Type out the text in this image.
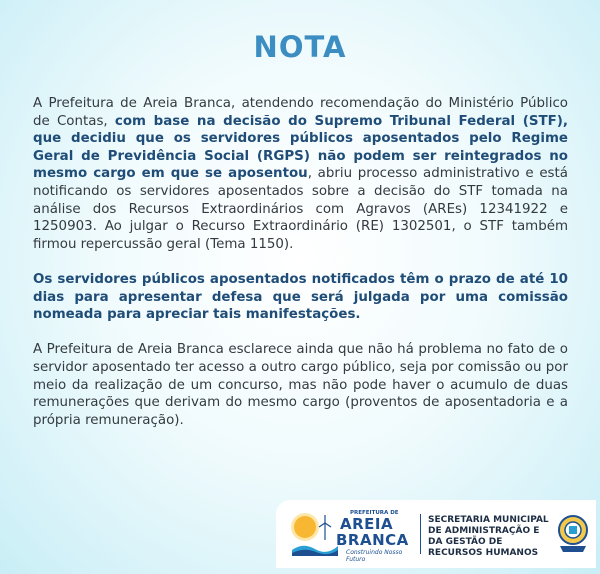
NOTA

A Prefeitura de Areia Branca, atendendo recomendação do Ministério Público de Contas, com base na decisão do Supremo Tribunal Federal (STF), que decidiu que os servidores públicos aposentados pelo Regime Geral de Previdência Social (RGPS) não podem ser reintegrados no mesmo cargo em que se aposentou, abriu processo administrativo e está notificando os servidores aposentados sobre a decisão do STF tomada na análise dos Recursos Extraordinários com Agravos (AREs) 12341922 e 1250903. Ao julgar o Recurso Extraordinário (RE) 1302501, o STF também firmou repercussão geral (Tema 1150).

Os servidores públicos aposentados notificados têm o prazo de até 10 dias para apresentar defesa que será julgada por uma comissão nomeada para apreciar tais manifestações.

A Prefeitura de Areia Branca esclarece ainda que não há problema no fato de o servidor aposentado ter acesso a outro cargo público, seja por comissão ou por meio da realização de um concurso, mas não pode haver o acumulo de duas remunerações que derivam do mesmo cargo (proventos de aposentadoria e a própria remuneração).

PREFEITURA DE
AREIA
BRANCA
Construindo Nosso Futuro
SECRETARIA MUNICIPAL DE ADMINISTRAÇÃO E DA GESTÃO DE RECURSOS HUMANOS
